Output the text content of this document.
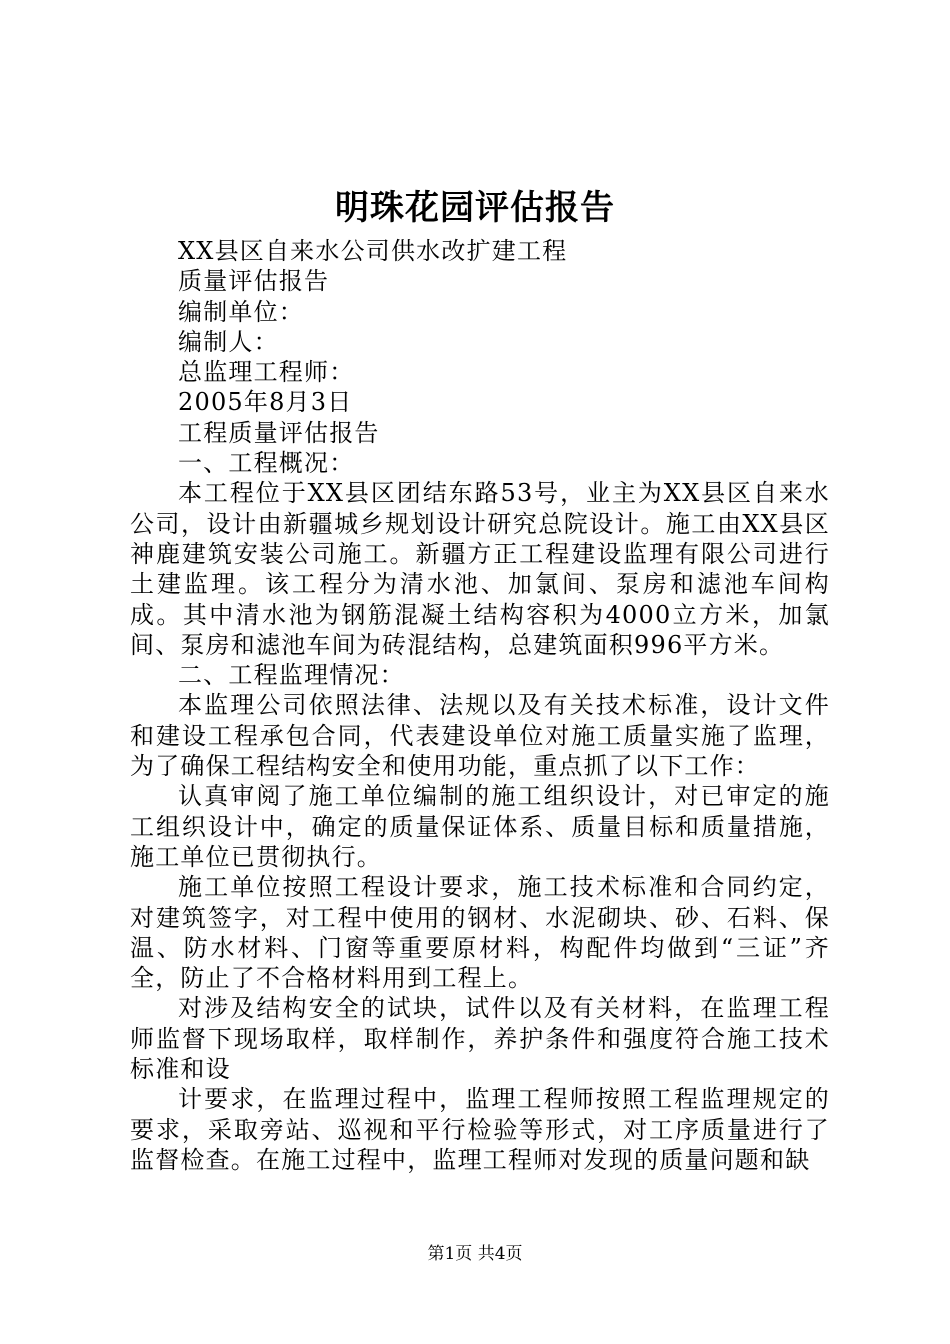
明珠花园评估报告

XX县区自来水公司供水改扩建工程

质量评估报告

编制单位：

编制人：

总监理工程师：

2005年8月3日

工程质量评估报告

一、工程概况：

本工程位于XX县区团结东路53号，业主为XX县区自来水公司，设计由新疆城乡规划设计研究总院设计。施工由XX县区神鹿建筑安装公司施工。新疆方正工程建设监理有限公司进行土建监理。该工程分为清水池、加氯间、泵房和滤池车间构成。其中清水池为钢筋混凝土结构容积为4000立方米，加氯间、泵房和滤池车间为砖混结构，总建筑面积996平方米。

二、工程监理情况：

本监理公司依照法律、法规以及有关技术标准，设计文件和建设工程承包合同，代表建设单位对施工质量实施了监理，为了确保工程结构安全和使用功能，重点抓了以下工作：

认真审阅了施工单位编制的施工组织设计，对已审定的施工组织设计中，确定的质量保证体系、质量目标和质量措施，施工单位已贯彻执行。

施工单位按照工程设计要求，施工技术标准和合同约定，对建筑签字，对工程中使用的钢材、水泥砌块、砂、石料、保温、防水材料、门窗等重要原材料，构配件均做到“三证”齐全，防止了不合格材料用到工程上。

对涉及结构安全的试块，试件以及有关材料，在监理工程师监督下现场取样，取样制作，养护条件和强度符合施工技术标准和设

计要求，在监理过程中，监理工程师按照工程监理规定的要求，采取旁站、巡视和平行检验等形式，对工序质量进行了监督检查。在施工过程中，监理工程师对发现的质量问题和缺

第1页 共4页
